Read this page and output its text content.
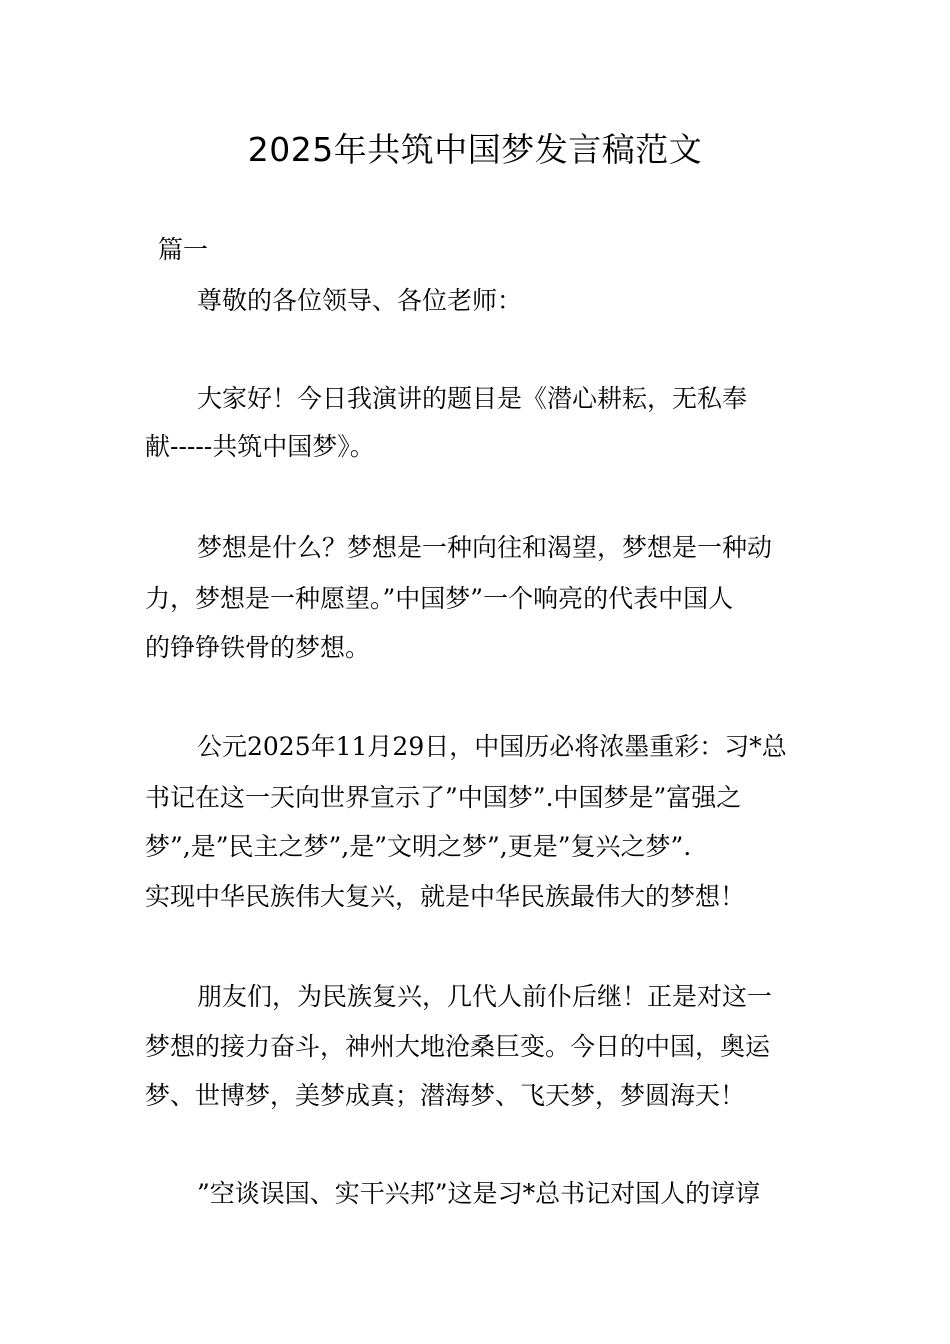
2025年共筑中国梦发言稿范文

篇一

尊敬的各位领导、各位老师：

大家好！今日我演讲的题目是《潜心耕耘，无私奉

献-----共筑中国梦》。

梦想是什么？梦想是一种向往和渴望，梦想是一种动

力，梦想是一种愿望。”中国梦”一个响亮的代表中国人

的铮铮铁骨的梦想。

公元2025年11月29日，中国历必将浓墨重彩：习*总

书记在这一天向世界宣示了”中国梦”.中国梦是”富强之

梦”,是”民主之梦”,是”文明之梦”,更是”复兴之梦”.

实现中华民族伟大复兴，就是中华民族最伟大的梦想！

朋友们，为民族复兴，几代人前仆后继！正是对这一

梦想的接力奋斗，神州大地沧桑巨变。今日的中国，奥运

梦、世博梦，美梦成真；潜海梦、飞天梦，梦圆海天！

”空谈误国、实干兴邦”这是习*总书记对国人的谆谆
